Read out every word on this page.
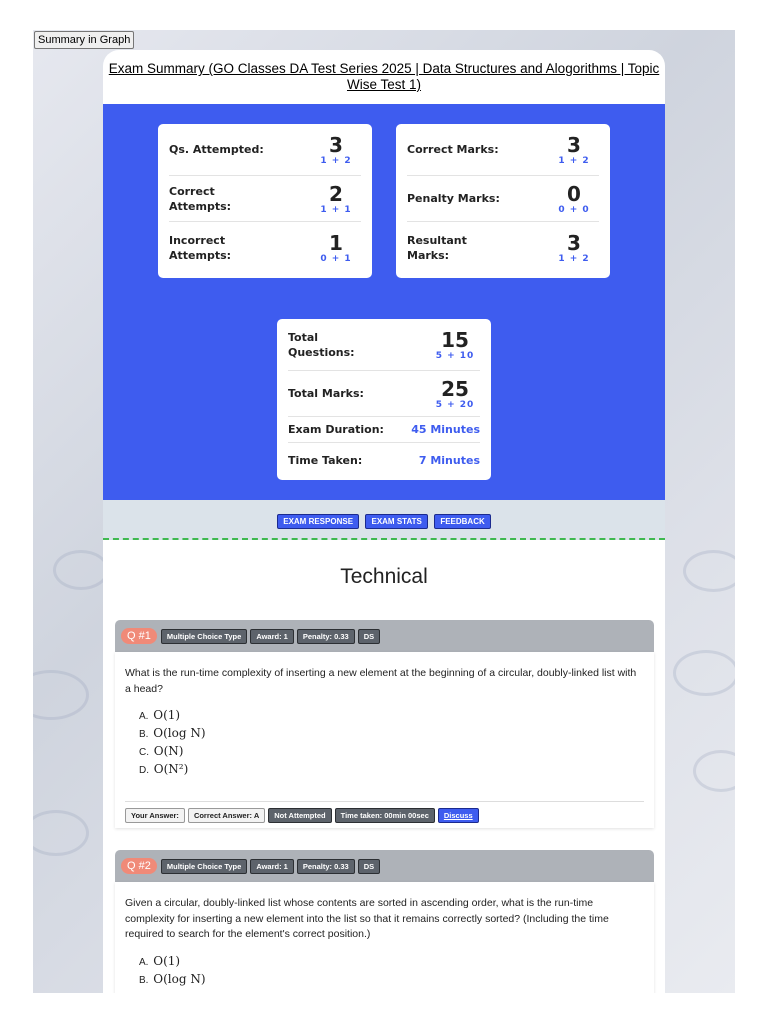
Summary in Graph
Exam Summary (GO Classes DA Test Series 2025 | Data Structures and Alogorithms | Topic Wise Test 1)
Qs. Attempted:	3
1 + 2
Correct Attempts:
2
1 + 1
Incorrect Attempts:
1
0 + 1
Correct Marks:	3
1 + 2
Penalty Marks:	0
0 + 0
Resultant Marks:
3
1 + 2
Total Questions:
15
5 + 10
Total Marks:	25
5 + 20
Exam Duration: 45 Minutes
Time Taken:	7 Minutes
EXAM RESPONSE EXAM STATS FEEDBACK
Technical
Q #1	Multiple Choice Type	Award: 1	Penalty: 0.33	DS
What is the run-time complexity of inserting a new element at the beginning of a circular, doubly-linked list with a head?
A. O(1)
B. O(log N)
C. O(N)
D. O(N²)
Your Answer:	Correct Answer: A	Not Attempted	Time taken: 00min 00sec	Discuss
Q #2	Multiple Choice Type	Award: 1	Penalty: 0.33	DS
Given a circular, doubly-linked list whose contents are sorted in ascending order, what is the run-time complexity for inserting a new element into the list so that it remains correctly sorted? (Including the time required to search for the element's correct position.)
A. O(1)
B. O(log N)
